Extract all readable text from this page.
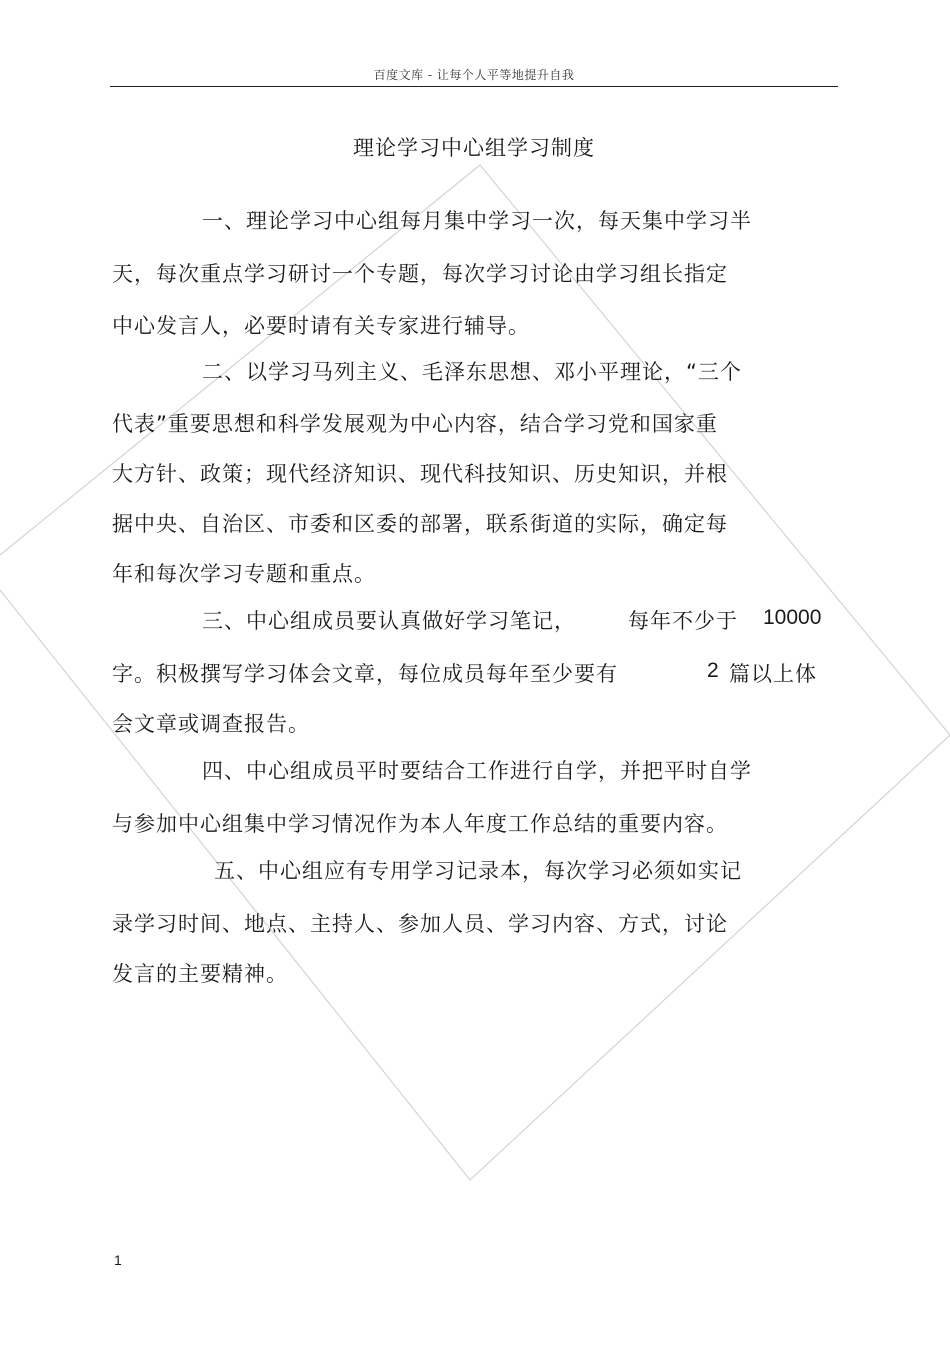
百度文库 - 让每个人平等地提升自我
理论学习中心组学习制度
一、理论学习中心组每月集中学习一次，每天集中学习半
天，每次重点学习研讨一个专题，每次学习讨论由学习组长指定
中心发言人，必要时请有关专家进行辅导。
二、以学习马列主义、毛泽东思想、邓小平理论，“三个
代表”重要思想和科学发展观为中心内容，结合学习党和国家重
大方针、政策；现代经济知识、现代科技知识、历史知识，并根
据中央、自治区、市委和区委的部署，联系街道的实际，确定每
年和每次学习专题和重点。
三、中心组成员要认真做好学习笔记， 每年不少于 10000
字。积极撰写学习体会文章，每位成员每年至少要有	2 篇以上体
会文章或调查报告。
四、中心组成员平时要结合工作进行自学，并把平时自学
与参加中心组集中学习情况作为本人年度工作总结的重要内容。
五、中心组应有专用学习记录本，每次学习必须如实记
录学习时间、地点、主持人、参加人员、学习内容、方式，讨论
发言的主要精神。
1
